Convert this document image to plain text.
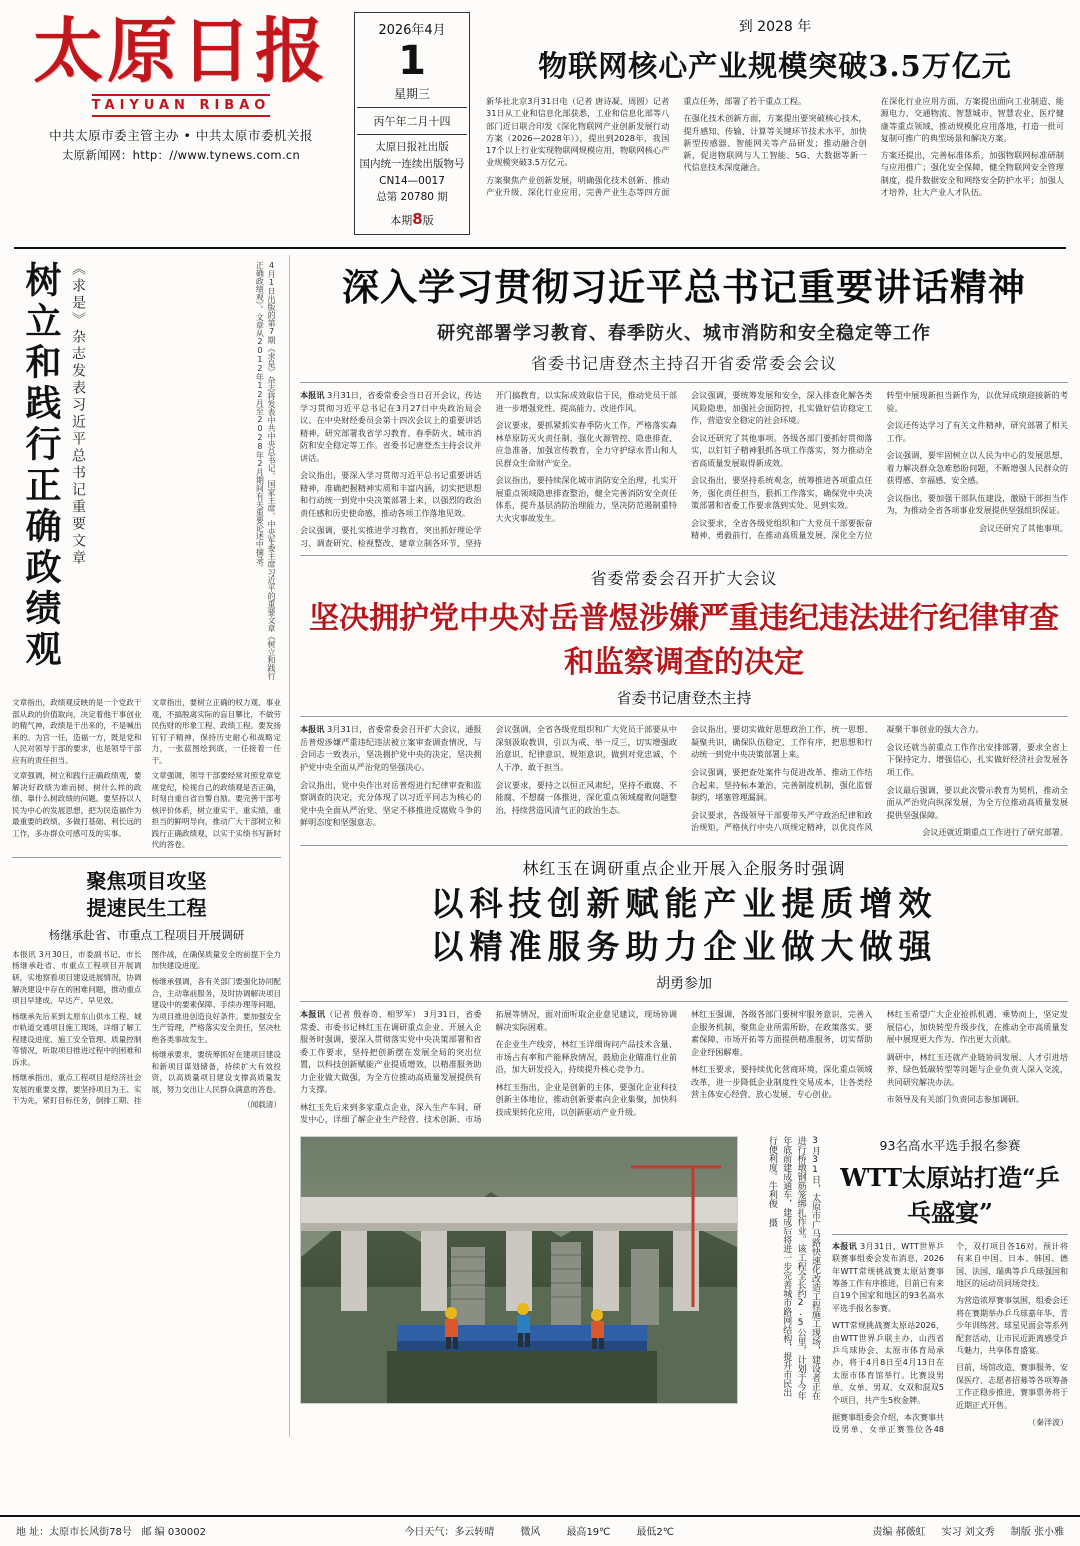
太原日报
TAIYUAN RIBAO
中共太原市委主管主办 • 中共太原市委机关报
太原新闻网：http：//www.tynews.com.cn
2026年4月
1
星期三
丙午年二月十四
太原日报社出版
国内统一连续出版物号
CN14—0017
总第 20780 期
本期8版
到 2028 年
物联网核心产业规模突破3.5万亿元

新华社北京3月31日电（记者 唐诗凝、周圆）记者31日从工业和信息化部获悉，工业和信息化部等八部门近日联合印发《深化物联网产业创新发展行动方案（2026—2028年）》，提出到2028年，我国17个以上行业实现物联网规模应用，物联网核心产业规模突破3.5万亿元。

方案聚焦产业创新发展，明确强化技术创新、推动产业升级、深化行业应用、完善产业生态等四方面重点任务，部署了若干重点工程。

在强化技术创新方面，方案提出要突破核心技术，提升感知、传输、计算等关键环节技术水平，加快新型传感器、智能网关等产品研发；推动融合创新，促进物联网与人工智能、5G、大数据等新一代信息技术深度融合。

在深化行业应用方面，方案提出面向工业制造、能源电力、交通物流、智慧城市、智慧农业、医疗健康等重点领域，推动规模化应用落地，打造一批可复制可推广的典型场景和解决方案。

方案还提出，完善标准体系，加强物联网标准研制与应用推广；强化安全保障，健全物联网安全管理制度，提升数据安全和网络安全防护水平；加强人才培养，壮大产业人才队伍。

树立和践行正确政绩观 《求是》杂志发表习近平总书记重要文章	4月1日出版的第7期《求是》杂志将发表中共中央总书记、国家主席、中央军委主席习近平的重要文章《树立和践行正确政绩观》。文章从2012年12月至2028年2月期间有关重要论述中摘录。

文章指出，政绩观反映的是一个党政干部从政的价值取向，决定着他干事创业的精气神，政绩是干出来的，不是喊出来的。为官一任，造福一方，既是党和人民对领导干部的要求，也是领导干部应有的责任担当。

文章强调，树立和践行正确政绩观，要解决好政绩为谁而树、树什么样的政绩、靠什么树政绩的问题。要坚持以人民为中心的发展思想，把为民造福作为最重要的政绩，多做打基础、利长远的工作，多办群众可感可及的实事。

文章指出，要树立正确的权力观、事业观，不搞脱离实际的盲目攀比，不做劳民伤财的形象工程、政绩工程。要发扬钉钉子精神，保持历史耐心和战略定力，一张蓝图绘到底，一任接着一任干。

文章强调，领导干部要经常对照党章党规党纪，检视自己的政绩观是否正确，时刻自重自省自警自励。要完善干部考核评价体系，树立重实干、重实绩、重担当的鲜明导向，推动广大干部树立和践行正确政绩观，以实干实绩书写新时代的答卷。

聚焦项目攻坚
提速民生工程
杨继承赴省、市重点工程项目开展调研

本报讯 3月30日，市委副书记、市长杨继承赴省、市重点工程项目开展调研，实地察看项目建设进展情况，协调解决建设中存在的困难问题，推动重点项目早建成、早达产、早见效。

杨继承先后来到太原东山供水工程、城市轨道交通项目施工现场，详细了解工程建设进度、施工安全管理、质量控制等情况，听取项目推进过程中的困难和诉求。

杨继承指出，重点工程项目是经济社会发展的重要支撑，要坚持项目为王、实干为先，紧盯目标任务，倒排工期、挂图作战，在确保质量安全的前提下全力加快建设进度。

杨继承强调，各有关部门要强化协同配合，主动靠前服务，及时协调解决项目建设中的要素保障、手续办理等问题，为项目推进创造良好条件。要加强安全生产管理，严格落实安全责任，坚决杜绝各类事故发生。

杨继承要求，要统筹抓好在建项目建设和新项目谋划储备，持续扩大有效投资，以高质量项目建设支撑高质量发展，努力交出让人民群众满意的答卷。

（闻载清）

深入学习贯彻习近平总书记重要讲话精神
研究部署学习教育、春季防火、城市消防和安全稳定等工作
省委书记唐登杰主持召开省委常委会会议

本报讯 3月31日，省委常委会当日召开会议，传达学习贯彻习近平总书记在3月27日中央政治局会议、在中央财经委员会第十四次会议上的重要讲话精神，研究部署我省学习教育、春季防火、城市消防和安全稳定等工作。省委书记唐登杰主持会议并讲话。

会议指出，要深入学习贯彻习近平总书记重要讲话精神，准确把握精神实质和丰富内涵，切实把思想和行动统一到党中央决策部署上来，以强烈的政治责任感和历史使命感，推动各项工作落地见效。

会议强调，要扎实推进学习教育，突出抓好理论学习、调查研究、检视整改、建章立制各环节，坚持开门搞教育，以实际成效取信于民，推动党员干部进一步增强党性、提高能力、改进作风。

会议要求，要抓紧抓实春季防火工作，严格落实森林草原防灭火责任制，强化火源管控、隐患排查、应急准备，加强宣传教育，全力守护绿水青山和人民群众生命财产安全。

会议指出，要持续深化城市消防安全治理，扎实开展重点领域隐患排查整治，健全完善消防安全责任体系，提升基层消防治理能力，坚决防范遏制重特大火灾事故发生。

会议强调，要统筹发展和安全，深入排查化解各类风险隐患，加强社会面防控，扎实做好信访稳定工作，营造安全稳定的社会环境。

会议还研究了其他事项。各级各部门要抓好贯彻落实，以钉钉子精神狠抓各项工作落实，努力推动全省高质量发展取得新成效。

会议指出，要坚持系统观念，统筹推进各项重点任务，强化责任担当，狠抓工作落实，确保党中央决策部署和省委工作要求落到实处、见到实效。

会议要求，全省各级党组织和广大党员干部要振奋精神、勇毅前行，在推动高质量发展、深化全方位转型中展现新担当新作为，以优异成绩迎接新的考验。

会议还传达学习了有关文件精神，研究部署了相关工作。

会议强调，要牢固树立以人民为中心的发展思想，着力解决群众急难愁盼问题，不断增强人民群众的获得感、幸福感、安全感。

会议指出，要加强干部队伍建设，激励干部担当作为，为推动全省各项事业发展提供坚强组织保证。

会议还研究了其他事项。

省委常委会召开扩大会议
坚决拥护党中央对岳普煜涉嫌严重违纪违法进行纪律审查和监察调查的决定
省委书记唐登杰主持

本报讯 3月31日，省委常委会召开扩大会议，通报岳普煜涉嫌严重违纪违法被立案审查调查情况，与会同志一致表示，坚决拥护党中央的决定，坚决拥护党中央全面从严治党的坚强决心。

会议指出，党中央作出对岳普煜进行纪律审查和监察调查的决定，充分体现了以习近平同志为核心的党中央全面从严治党、坚定不移推进反腐败斗争的鲜明态度和坚强意志。

会议强调，全省各级党组织和广大党员干部要从中深刻汲取教训，引以为戒、举一反三，切实增强政治意识、纪律意识、规矩意识，做到对党忠诚、个人干净、敢于担当。

会议要求，要持之以恒正风肃纪，坚持不敢腐、不能腐、不想腐一体推进，深化重点领域腐败问题整治，持续营造风清气正的政治生态。

会议指出，要切实做好思想政治工作，统一思想、凝聚共识，确保队伍稳定、工作有序，把思想和行动统一到党中央决策部署上来。

会议强调，要把查处案件与促进改革、推动工作结合起来，坚持标本兼治，完善制度机制，强化监督制约，堵塞管理漏洞。

会议要求，各级领导干部要带头严守政治纪律和政治规矩，严格执行中央八项规定精神，以优良作风凝聚干事创业的强大合力。

会议还就当前重点工作作出安排部署，要求全省上下保持定力、增强信心，扎实做好经济社会发展各项工作。

会议最后强调，要以此次警示教育为契机，推动全面从严治党向纵深发展，为全方位推动高质量发展提供坚强保障。

会议还就近期重点工作进行了研究部署。

林红玉在调研重点企业开展入企服务时强调
以科技创新赋能产业提质增效
以精准服务助力企业做大做强
胡勇参加

本报讯（记者 殷春奇、相罗军） 3月31日，省委常委、市委书记林红玉在调研重点企业、开展入企服务时强调，要深入贯彻落实党中央决策部署和省委工作要求，坚持把创新摆在发展全局的突出位置，以科技创新赋能产业提质增效，以精准服务助力企业做大做强，为全方位推动高质量发展提供有力支撑。

林红玉先后来到多家重点企业，深入生产车间、研发中心，详细了解企业生产经营、技术创新、市场拓展等情况，面对面听取企业意见建议，现场协调解决实际困难。

在企业生产线旁，林红玉详细询问产品技术含量、市场占有率和产能释放情况，鼓励企业瞄准行业前沿，加大研发投入，持续提升核心竞争力。

林红玉指出，企业是创新的主体，要强化企业科技创新主体地位，推动创新要素向企业集聚，加快科技成果转化应用，以创新驱动产业升级。

林红玉强调，各级各部门要树牢服务意识，完善入企服务机制，聚焦企业所需所盼，在政策落实、要素保障、市场开拓等方面提供精准服务，切实帮助企业纾困解难。

林红玉要求，要持续优化营商环境，深化重点领域改革，进一步降低企业制度性交易成本，让各类经营主体安心经营、放心发展、专心创业。

林红玉希望广大企业抢抓机遇、乘势而上，坚定发展信心，加快转型升级步伐，在推动全市高质量发展中展现更大作为、作出更大贡献。

调研中，林红玉还就产业链协同发展、人才引进培养、绿色低碳转型等问题与企业负责人深入交流，共同研究解决办法。

市领导及有关部门负责同志参加调研。

3月31日，太原市广马路快速化改造工程施工现场，建设者正在进行桥墩钢筋笼绑扎作业。该工程全长约2.5公里，计划于今年年底前建成通车，建成后将进一步完善城市路网结构，提升市民出行便利度。牛利俊 摄
93名高水平选手报名参赛
WTT太原站打造“乒乓盛宴”

本报讯 3月31日，WTT世界乒联赛事组委会发布消息，2026年WTT常规挑战赛太原站赛事筹备工作有序推进，目前已有来自19个国家和地区的93名高水平选手报名参赛。

WTT常规挑战赛太原站2026，由WTT世界乒联主办，山西省乒乓球协会、太原市体育局承办，将于4月8日至4月13日在太原市体育馆举行。比赛设男单、女单、男双、女双和混双5个项目，共产生5枚金牌。

据赛事组委会介绍，本次赛事共设男单、女单正赛签位各48个，双打项目各16对。预计将有来自中国、日本、韩国、德国、法国、瑞典等乒乓球强国和地区的运动员同场竞技。

为营造浓厚赛事氛围，组委会还将在赛期举办乒乓球嘉年华、青少年训练营、球星见面会等系列配套活动，让市民近距离感受乒乓魅力，共享体育盛宴。

目前，场馆改造、赛事服务、安保医疗、志愿者招募等各项筹备工作正稳步推进，赛事票务将于近期正式开售。

（秦洋波）

地 址：太原市长风街78号 邮 编 030002	今日天气：多云转晴	微风	最高19℃	最低2℃	责编 郝薇虹 实习 刘文秀 制版 张小雅
